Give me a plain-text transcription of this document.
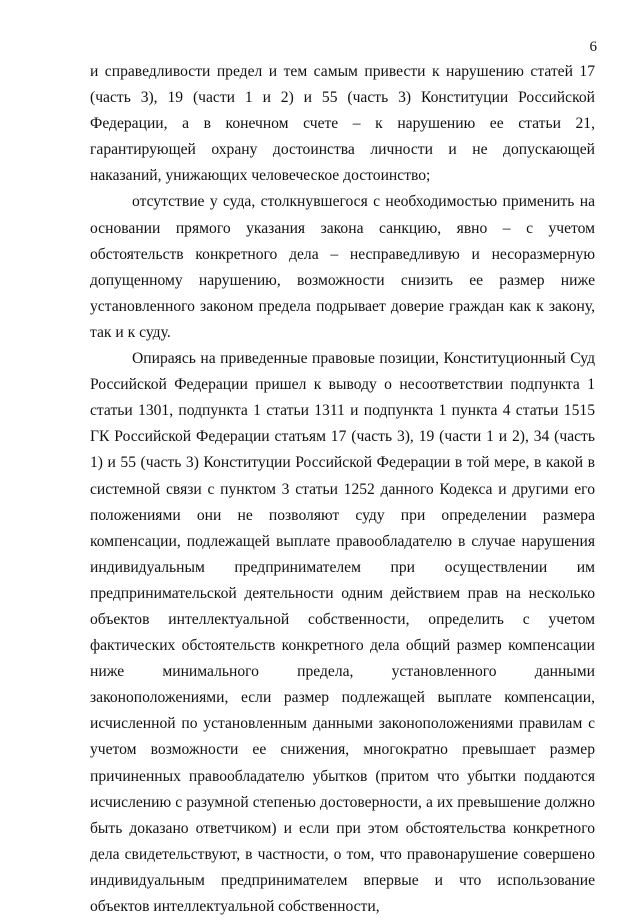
6

и справедливости предел и тем самым привести к нарушению статей 17 (часть 3), 19 (части 1 и 2) и 55 (часть 3) Конституции Российской Федерации, а в конечном счете – к нарушению ее статьи 21, гарантирующей охрану достоинства личности и не допускающей наказаний, унижающих человеческое достоинство;

отсутствие у суда, столкнувшегося с необходимостью применить на основании прямого указания закона санкцию, явно – с учетом обстоятельств конкретного дела – несправедливую и несоразмерную допущенному нарушению, возможности снизить ее размер ниже установленного законом предела подрывает доверие граждан как к закону, так и к суду.

Опираясь на приведенные правовые позиции, Конституционный Суд Российской Федерации пришел к выводу о несоответствии подпункта 1 статьи 1301, подпункта 1 статьи 1311 и подпункта 1 пункта 4 статьи 1515 ГК Российской Федерации статьям 17 (часть 3), 19 (части 1 и 2), 34 (часть 1) и 55 (часть 3) Конституции Российской Федерации в той мере, в какой в системной связи с пунктом 3 статьи 1252 данного Кодекса и другими его положениями они не позволяют суду при определении размера компенсации, подлежащей выплате правообладателю в случае нарушения индивидуальным предпринимателем при осуществлении им предпринимательской деятельности одним действием прав на несколько объектов интеллектуальной собственности, определить с учетом фактических обстоятельств конкретного дела общий размер компенсации ниже минимального предела, установленного данными законоположениями, если размер подлежащей выплате компенсации, исчисленной по установленным данными законоположениями правилам с учетом возможности ее снижения, многократно превышает размер причиненных правообладателю убытков (притом что убытки поддаются исчислению с разумной степенью достоверности, а их превышение должно быть доказано ответчиком) и если при этом обстоятельства конкретного дела свидетельствуют, в частности, о том, что правонарушение совершено индивидуальным предпринимателем впервые и что использование объектов интеллектуальной собственности,
